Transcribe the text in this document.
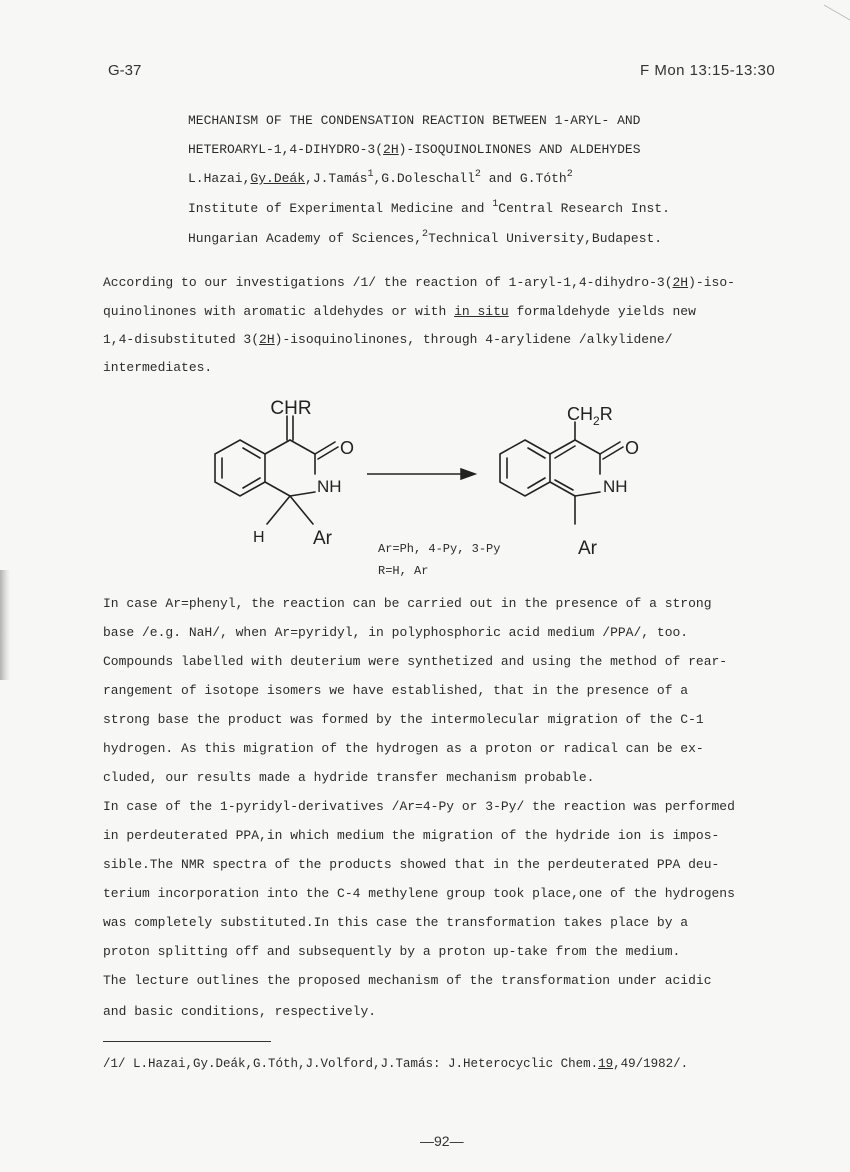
G-37	F Mon 13:15-13:30
MECHANISM OF THE CONDENSATION REACTION BETWEEN 1-ARYL- AND
HETEROARYL-1,4-DIHYDRO-3(2H)-ISOQUINOLINONES AND ALDEHYDES
L.Hazai,Gy.Deák,J.Tamás$^1$,G.Doleschall$^2$ and G.Tóth$^2$
Institute of Experimental Medicine and $^1$Central Research Inst.
Hungarian Academy of Sciences,$^2$Technical University,Budapest.
According to our investigations /1/ the reaction of 1-aryl-1,4-dihydro-3(2H)-iso-
quinolinones with aromatic aldehydes or with in situ formaldehyde yields new
1,4-disubstituted 3(2H)-isoquinolinones, through 4-arylidene /alkylidene/
intermediates.
CHR
O
NH
H	Ar
$CH_2R$
O
NH
Ar
Ar=Ph, 4-Py, 3-Py
R=H, Ar
In case Ar=phenyl, the reaction can be carried out in the presence of a strong
base /e.g. NaH/, when Ar=pyridyl, in polyphosphoric acid medium /PPA/, too.
Compounds labelled with deuterium were synthetized and using the method of rear-
rangement of isotope isomers we have established, that in the presence of a
strong base the product was formed by the intermolecular migration of the C-1
hydrogen. As this migration of the hydrogen as a proton or radical can be ex-
cluded, our results made a hydride transfer mechanism probable.
In case of the 1-pyridyl-derivatives /Ar=4-Py or 3-Py/ the reaction was performed
in perdeuterated PPA,in which medium the migration of the hydride ion is impos-
sible.The NMR spectra of the products showed that in the perdeuterated PPA deu-
terium incorporation into the C-4 methylene group took place,one of the hydrogens
was completely substituted.In this case the transformation takes place by a
proton splitting off and subsequently by a proton up-take from the medium.
The lecture outlines the proposed mechanism of the transformation under acidic
and basic conditions, respectively.
/1/ L.Hazai,Gy.Deák,G.Tóth,J.Volford,J.Tamás: J.Heterocyclic Chem.19,49/1982/.
—92—
